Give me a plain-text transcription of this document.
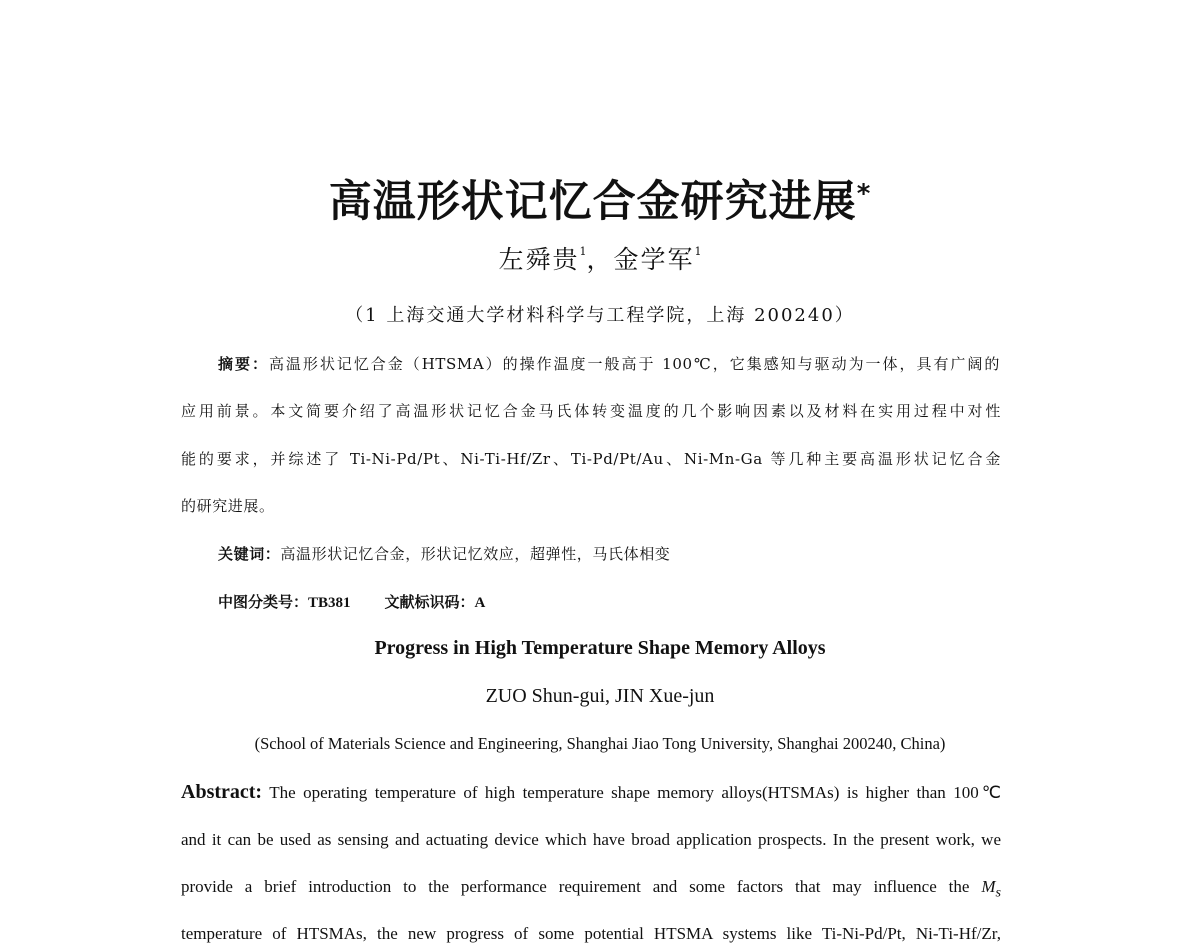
高温形状记忆合金研究进展*
左舜贵$^1$，金学军$^1$
（1 上海交通大学材料科学与工程学院，上海 200240）
摘要：高温形状记忆合金（HTSMA）的操作温度一般高于 100℃，它集感知与驱动为一体，具有广阔的
应用前景。本文简要介绍了高温形状记忆合金马氏体转变温度的几个影响因素以及材料在实用过程中对性
能的要求，并综述了 Ti-Ni-Pd/Pt、Ni-Ti-Hf/Zr、Ti-Pd/Pt/Au、Ni-Mn-Ga 等几种主要高温形状记忆合金
的研究进展。
关键词：高温形状记忆合金，形状记忆效应，超弹性，马氏体相变
中图分类号：TB381 文献标识码：A
Progress in High Temperature Shape Memory Alloys
ZUO Shun-gui, JIN Xue-jun
(School of Materials Science and Engineering, Shanghai Jiao Tong University, Shanghai 200240, China)
Abstract: The operating temperature of high temperature shape memory alloys(HTSMAs) is higher than 100℃
and it can be used as sensing and actuating device which have broad application prospects. In the present work, we
provide a brief introduction to the performance requirement and some factors that may influence the $M_s$
temperature of HTSMAs, the new progress of some potential HTSMA systems like Ti-Ni-Pd/Pt, Ni-Ti-Hf/Zr,
